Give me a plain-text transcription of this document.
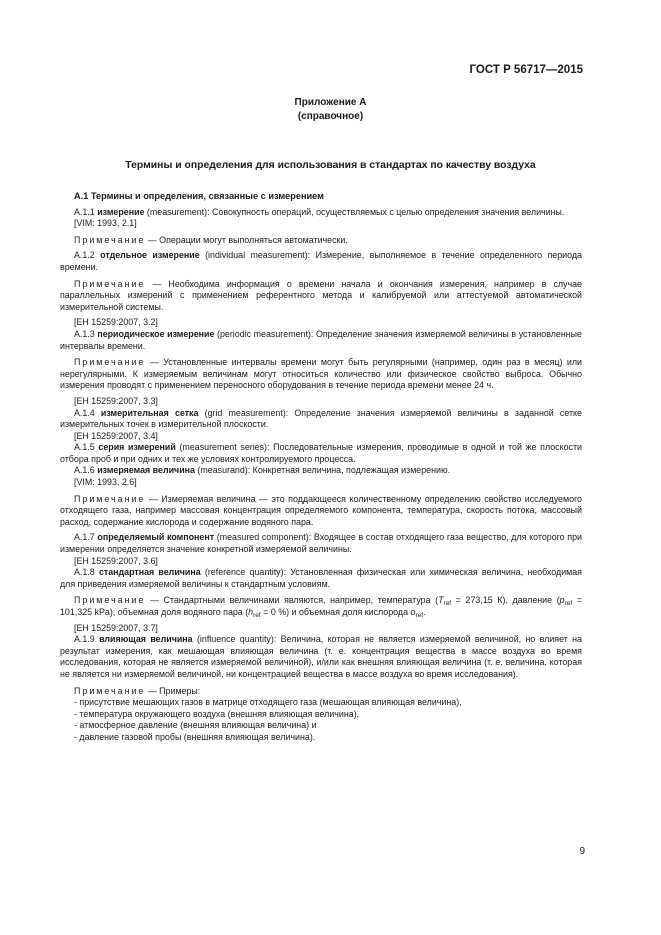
ГОСТ Р 56717—2015
Приложение А
(справочное)
Термины и определения для использования в стандартах по качеству воздуха
А.1 Термины и определения, связанные с измерением

А.1.1 измерение (measurement): Совокупность операций, осуществляемых с целью определения значения величины.

[VIM: 1993, 2.1]

Примечание — Операции могут выполняться автоматически.

А.1.2 отдельное измерение (individual measurement): Измерение, выполняемое в течение определенного периода времени.

Примечание — Необходима информация о времени начала и окончания измерения, например в случае параллельных измерений с применением референтного метода и калибруемой или аттестуемой автоматической измерительной системы.

[ЕН 15259:2007, 3.2]

А.1.3 периодическое измерение (periodic measurement): Определение значения измеряемой величины в установленные интервалы времени.

Примечание — Установленные интервалы времени могут быть регулярными (например, один раз в месяц) или нерегулярными. К измеряемым величинам могут относиться количество или физическое свойство выброса. Обычно измерения проводят с применением переносного оборудования в течение периода времени менее 24 ч.

[ЕН 15259:2007, 3.3]

А.1.4 измерительная сетка (grid measurement): Определение значения измеряемой величины в заданной сетке измерительных точек в измерительной плоскости.

[ЕН 15259:2007, 3.4]

А.1.5 серия измерений (measurement series): Последовательные измерения, проводимые в одной и той же плоскости отбора проб и при одних и тех же условиях контролируемого процесса.

А.1.6 измеряемая величина (measurand): Конкретная величина, подлежащая измерению.

[VIM: 1993, 2.6]

Примечание — Измеряемая величина — это поддающееся количественному определению свойство исследуемого отходящего газа, например массовая концентрация определяемого компонента, температура, скорость потока, массовый расход, содержание кислорода и содержание водяного пара.

А.1.7 определяемый компонент (measured component): Входящее в состав отходящего газа вещество, для которого при измерении определяется значение конкретной измеряемой величины.

[ЕН 15259:2007, 3.6]

А.1.8 стандартная величина (reference quantity): Установленная физическая или химическая величина, необходимая для приведения измеряемой величины к стандартным условиям.

Примечание — Стандартными величинами являются, например, температура ($T_{ref} = 273,15$ К), давление ($p_{ref} = 101,325$ kPa), объемная доля водяного пара ($h_{ref} = 0$ %) и объемная доля кислорода $o_{ref}$.

[ЕН 15259:2007, 3.7]

А.1.9 влияющая величина (influence quantity): Величина, которая не является измеряемой величиной, но влияет на результат измерения, как мешающая влияющая величина (т. е. концентрация вещества в массе воздуха во время исследования, которая не является измеряемой величиной), и/или как внешняя влияющая величина (т. е. величина, которая не является ни измеряемой величиной, ни концентрацией вещества в массе воздуха во время исследования).

Примечание — Примеры:

- присутствие мешающих газов в матрице отходящего газа (мешающая влияющая величина),

- температура окружающего воздуха (внешняя влияющая величина),

- атмосферное давление (внешняя влияющая величина) и

- давление газовой пробы (внешняя влияющая величина).

9
